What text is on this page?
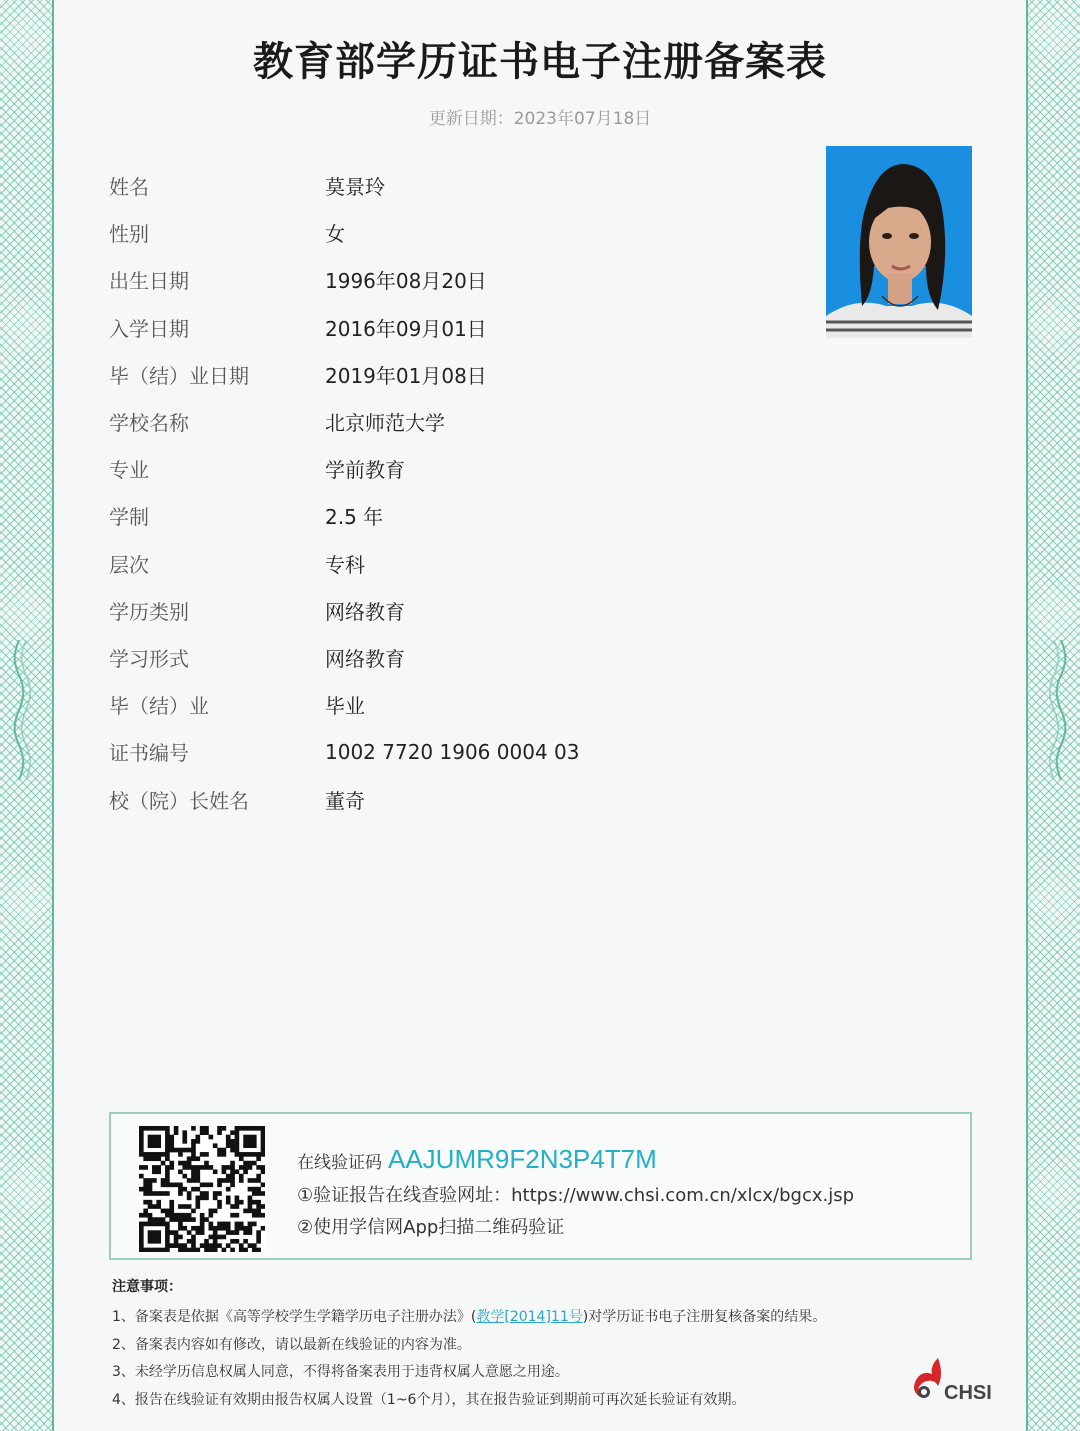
教育部学历证书电子注册备案表
更新日期：2023年07月18日
姓名	莫景玲
性别	女
出生日期	1996年08月20日
入学日期	2016年09月01日
毕（结）业日期	2019年01月08日
学校名称	北京师范大学
专业	学前教育
学制	2.5 年
层次	专科
学历类别	网络教育
学习形式	网络教育
毕（结）业	毕业
证书编号	1002 7720 1906 0004 03
校（院）长姓名	董奇
在线验证码 AAJUMR9F2N3P4T7M
①验证报告在线查验网址：https://www.chsi.com.cn/xlcx/bgcx.jsp
②使用学信网App扫描二维码验证
注意事项：
1、备案表是依据《高等学校学生学籍学历电子注册办法》(教学[2014]11号)对学历证书电子注册复核备案的结果。
2、备案表内容如有修改，请以最新在线验证的内容为准。
3、未经学历信息权属人同意，不得将备案表用于违背权属人意愿之用途。
4、报告在线验证有效期由报告权属人设置（1~6个月），其在报告验证到期前可再次延长验证有效期。	CHSI
